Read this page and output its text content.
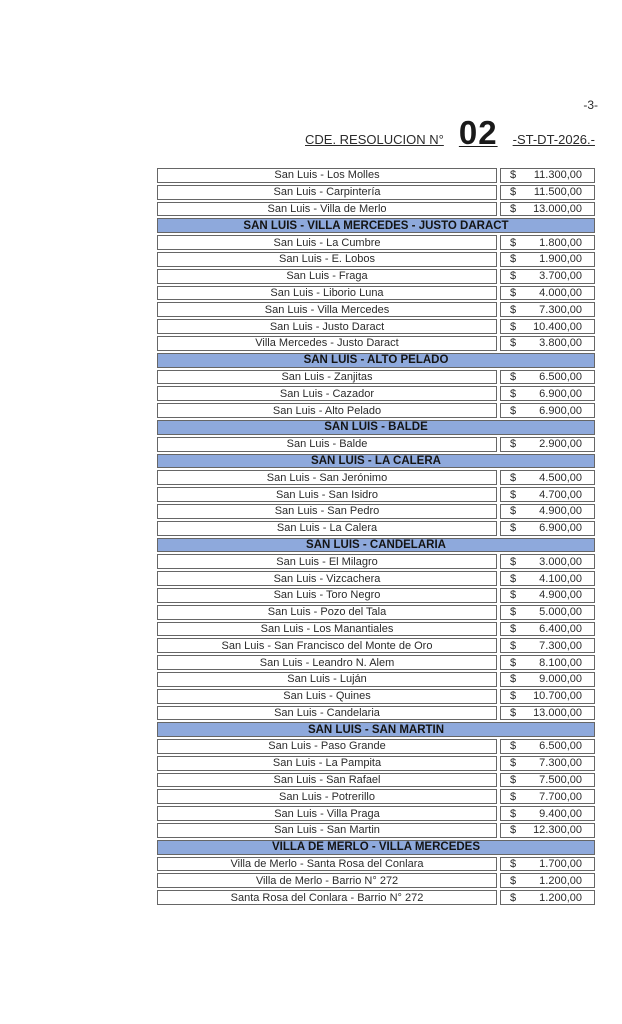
-3-
CDE. RESOLUCION N° 02 -ST-DT-2026.-
San Luis - Los Molles	$ 11.300,00
San Luis - Carpintería	$ 11.500,00
San Luis - Villa de Merlo	$ 13.000,00
SAN LUIS - VILLA MERCEDES - JUSTO DARACT
San Luis - La Cumbre	$ 1.800,00
San Luis - E. Lobos	$ 1.900,00
San Luis - Fraga	$ 3.700,00
San Luis - Liborio Luna	$ 4.000,00
San Luis - Villa Mercedes	$ 7.300,00
San Luis - Justo Daract	$ 10.400,00
Villa Mercedes - Justo Daract	$ 3.800,00
SAN LUIS - ALTO PELADO
San Luis - Zanjitas	$ 6.500,00
San Luis - Cazador	$ 6.900,00
San Luis - Alto Pelado	$ 6.900,00
SAN LUIS - BALDE
San Luis - Balde	$ 2.900,00
SAN LUIS - LA CALERA
San Luis - San Jerónimo	$ 4.500,00
San Luis - San Isidro	$ 4.700,00
San Luis - San Pedro	$ 4.900,00
San Luis - La Calera	$ 6.900,00
SAN LUIS - CANDELARIA
San Luis - El Milagro	$ 3.000,00
San Luis - Vizcachera	$ 4.100,00
San Luis - Toro Negro	$ 4.900,00
San Luis - Pozo del Tala	$ 5.000,00
San Luis - Los Manantiales	$ 6.400,00
San Luis - San Francisco del Monte de Oro	$ 7.300,00
San Luis - Leandro N. Alem	$ 8.100,00
San Luis - Luján	$ 9.000,00
San Luis - Quines	$ 10.700,00
San Luis - Candelaria	$ 13.000,00
SAN LUIS - SAN MARTIN
San Luis - Paso Grande	$ 6.500,00
San Luis - La Pampita	$ 7.300,00
San Luis - San Rafael	$ 7.500,00
San Luis - Potrerillo	$ 7.700,00
San Luis - Villa Praga	$ 9.400,00
San Luis - San Martin	$ 12.300,00
VILLA DE MERLO - VILLA MERCEDES
Villa de Merlo - Santa Rosa del Conlara	$ 1.700,00
Villa de Merlo - Barrio N° 272	$ 1.200,00
Santa Rosa del Conlara - Barrio N° 272	$ 1.200,00
